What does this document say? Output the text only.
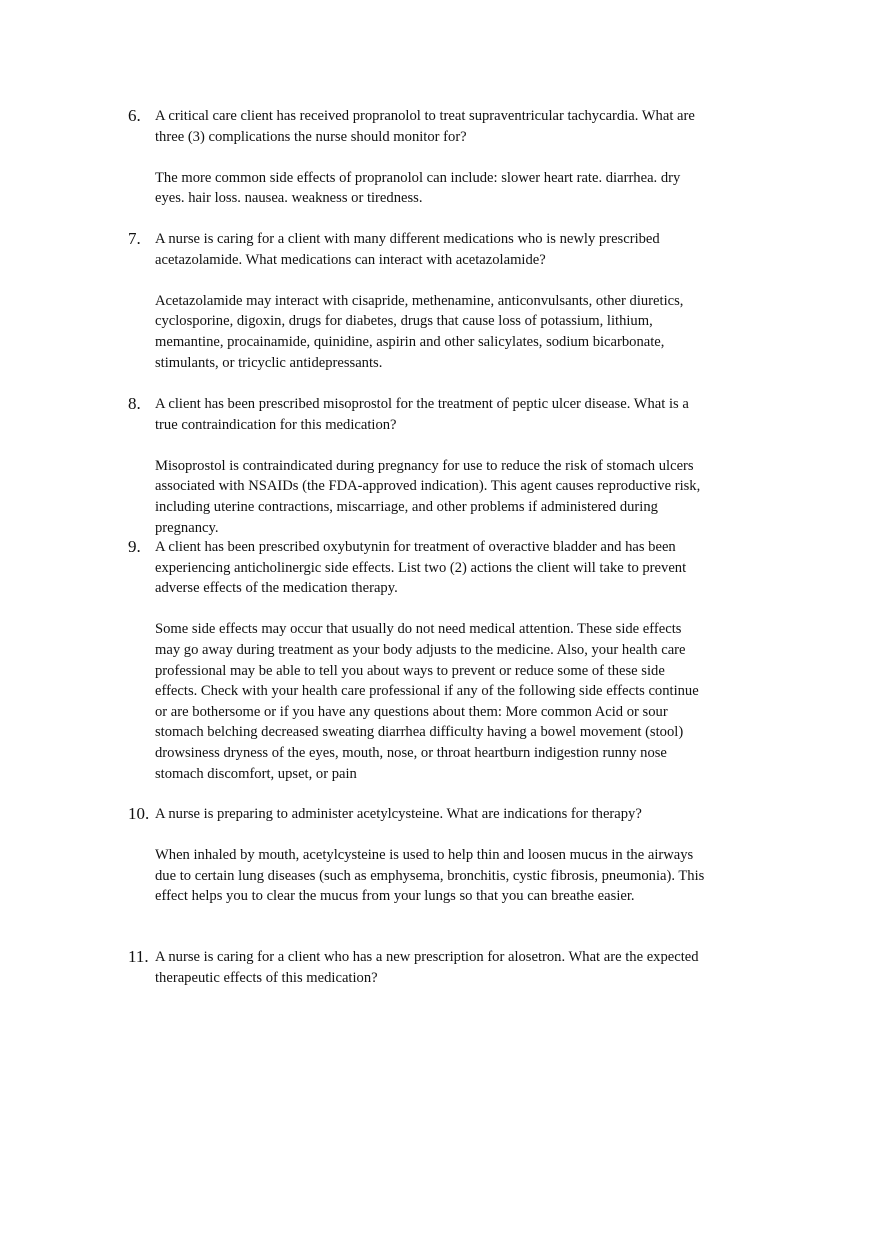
6. A critical care client has received propranolol to treat supraventricular tachycardia. What are three (3) complications the nurse should monitor for?
The more common side effects of propranolol can include: slower heart rate. diarrhea. dry eyes. hair loss. nausea. weakness or tiredness.
7. A nurse is caring for a client with many different medications who is newly prescribed acetazolamide. What medications can interact with acetazolamide?
Acetazolamide may interact with cisapride, methenamine, anticonvulsants, other diuretics, cyclosporine, digoxin, drugs for diabetes, drugs that cause loss of potassium, lithium, memantine, procainamide, quinidine, aspirin and other salicylates, sodium bicarbonate, stimulants, or tricyclic antidepressants.
8. A client has been prescribed misoprostol for the treatment of peptic ulcer disease. What is a true contraindication for this medication?
Misoprostol is contraindicated during pregnancy for use to reduce the risk of stomach ulcers associated with NSAIDs (the FDA-approved indication). This agent causes reproductive risk, including uterine contractions, miscarriage, and other problems if administered during pregnancy.
9. A client has been prescribed oxybutynin for treatment of overactive bladder and has been experiencing anticholinergic side effects. List two (2) actions the client will take to prevent adverse effects of the medication therapy.
Some side effects may occur that usually do not need medical attention. These side effects may go away during treatment as your body adjusts to the medicine. Also, your health care professional may be able to tell you about ways to prevent or reduce some of these side effects. Check with your health care professional if any of the following side effects continue or are bothersome or if you have any questions about them: More common Acid or sour stomach belching decreased sweating diarrhea difficulty having a bowel movement (stool) drowsiness dryness of the eyes, mouth, nose, or throat heartburn indigestion runny nose stomach discomfort, upset, or pain
10. A nurse is preparing to administer acetylcysteine. What are indications for therapy?
When inhaled by mouth, acetylcysteine is used to help thin and loosen mucus in the airways due to certain lung diseases (such as emphysema, bronchitis, cystic fibrosis, pneumonia). This effect helps you to clear the mucus from your lungs so that you can breathe easier.
11. A nurse is caring for a client who has a new prescription for alosetron. What are the expected therapeutic effects of this medication?
